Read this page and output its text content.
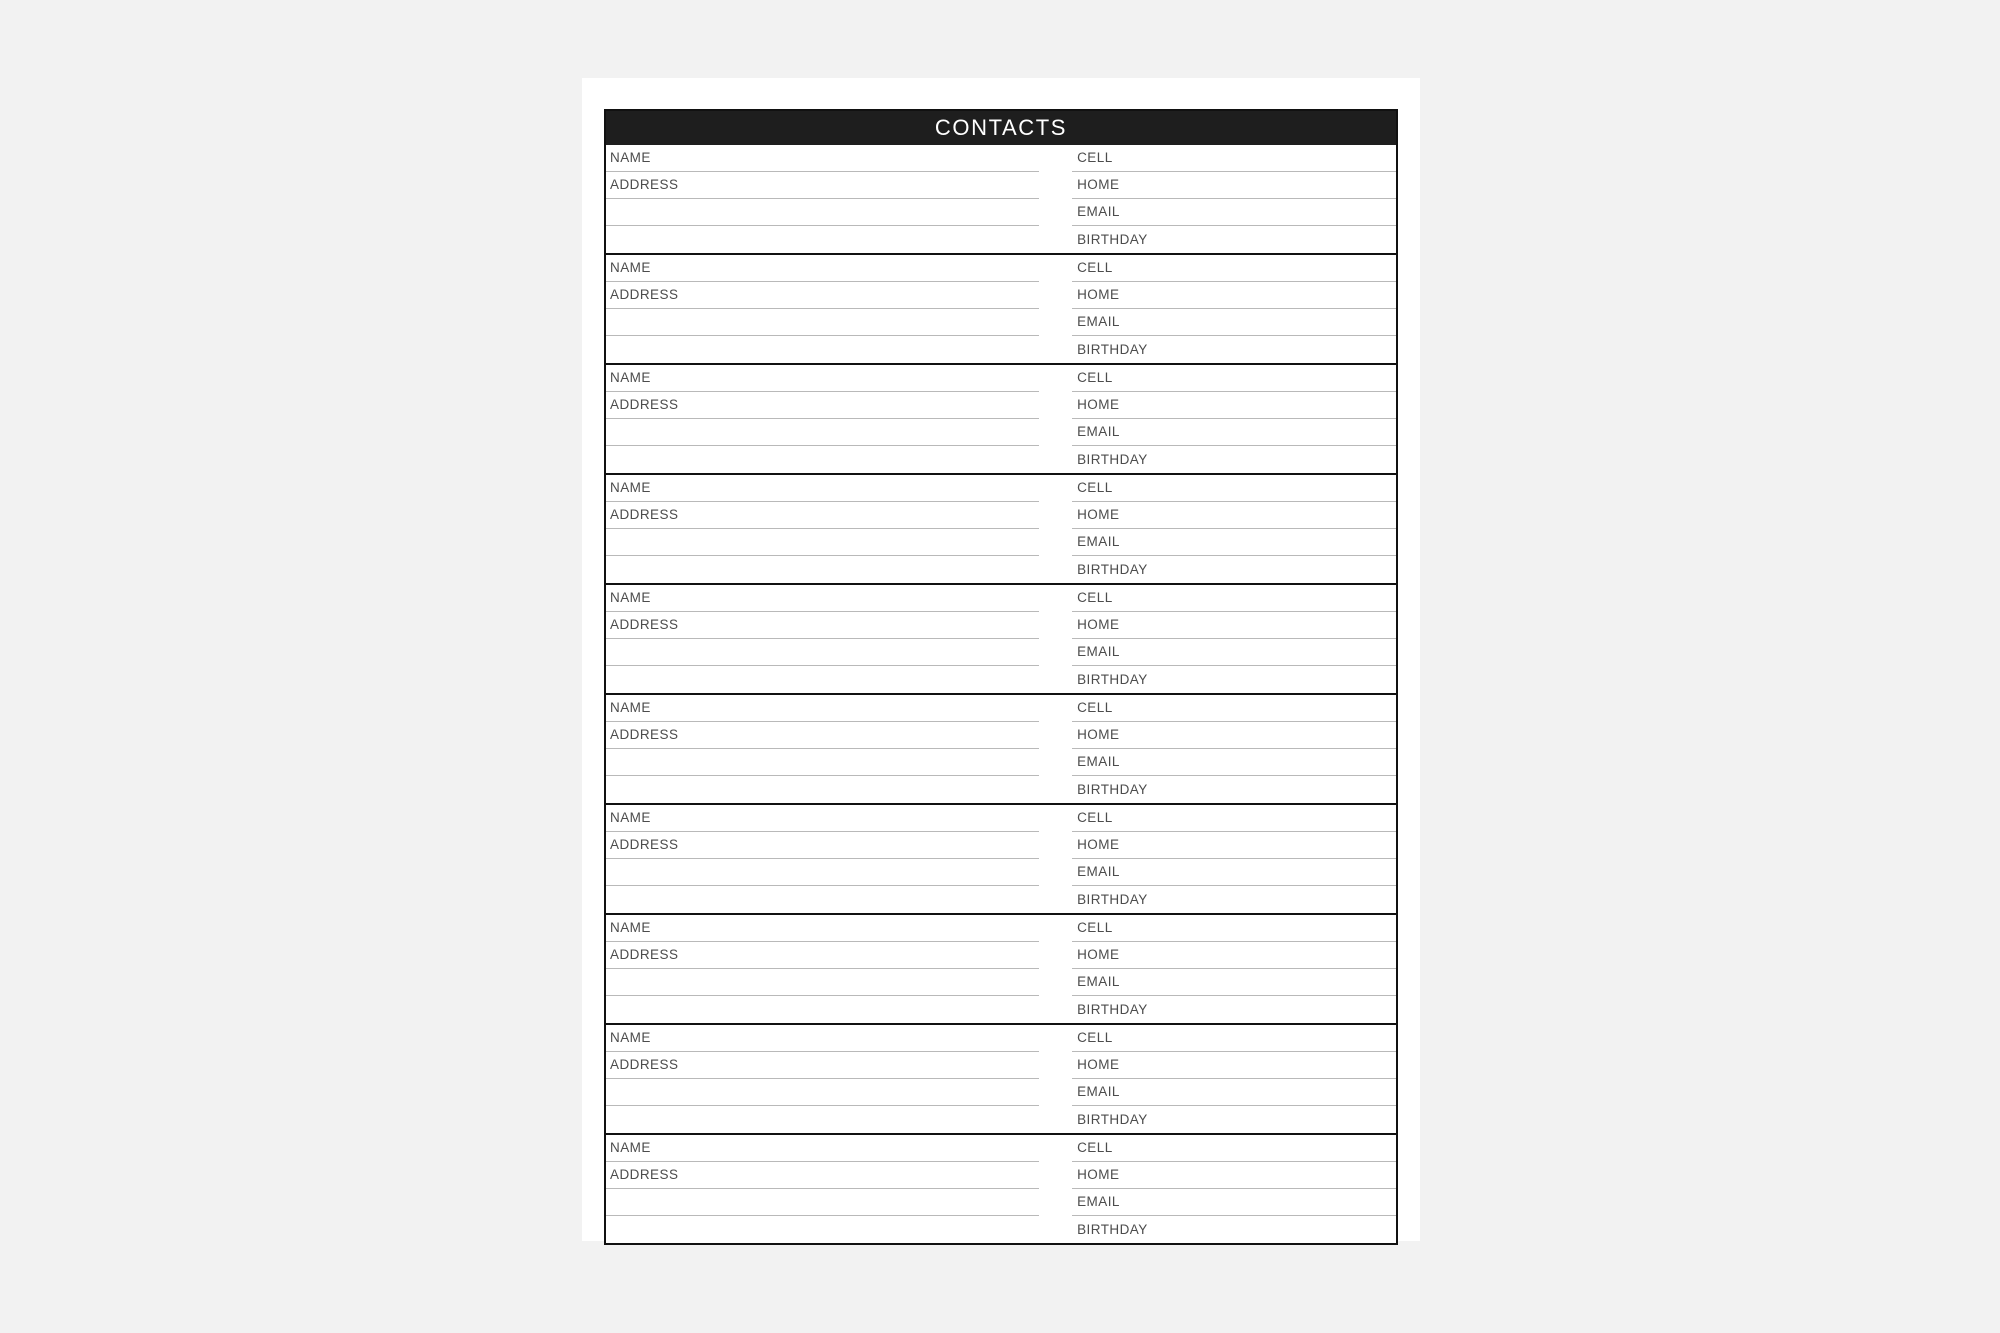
CONTACTS
NAME
ADDRESS
CELL
HOME
EMAIL
BIRTHDAY
NAME
ADDRESS
CELL
HOME
EMAIL
BIRTHDAY
NAME
ADDRESS
CELL
HOME
EMAIL
BIRTHDAY
NAME
ADDRESS
CELL
HOME
EMAIL
BIRTHDAY
NAME
ADDRESS
CELL
HOME
EMAIL
BIRTHDAY
NAME
ADDRESS
CELL
HOME
EMAIL
BIRTHDAY
NAME
ADDRESS
CELL
HOME
EMAIL
BIRTHDAY
NAME
ADDRESS
CELL
HOME
EMAIL
BIRTHDAY
NAME
ADDRESS
CELL
HOME
EMAIL
BIRTHDAY
NAME
ADDRESS
CELL
HOME
EMAIL
BIRTHDAY
